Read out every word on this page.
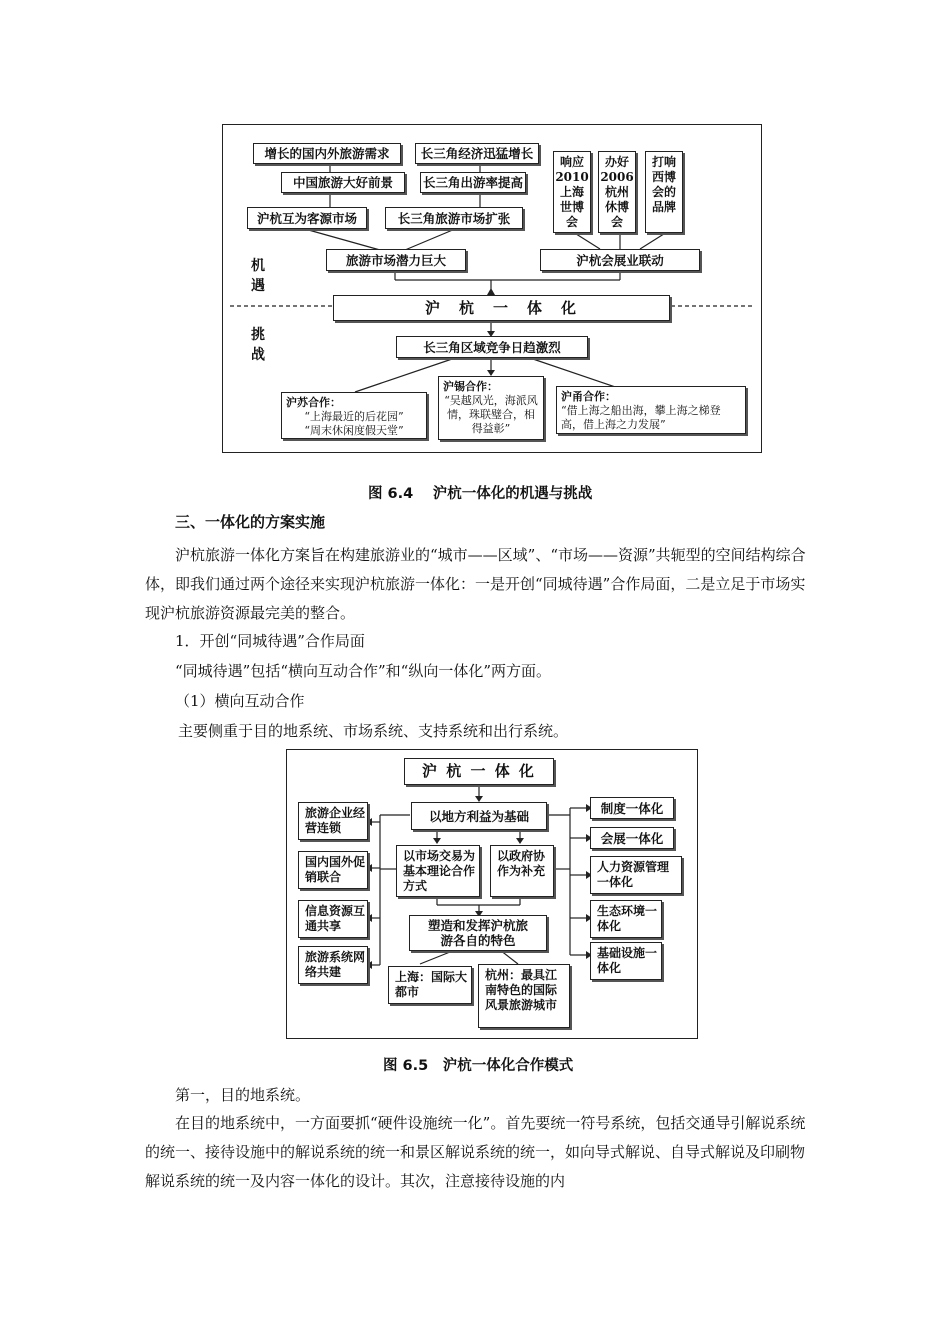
增长的国内外旅游需求	长三角经济迅猛增长
中国旅游大好前景	长三角出游率提高
沪杭互为客源市场	长三角旅游市场扩张
响应2010上海世博会
办好2006杭州休博会
打响西博会的品牌
旅游市场潜力巨大	沪杭会展业联动
机遇
挑战
沪　杭　一　体　化
长三角区域竞争日趋激烈
沪苏合作：
“上海最近的后花园”
“周末休闲度假天堂”
沪锡合作：
“吴越风光，海派风情，珠联璧合，相得益彰”
沪甬合作：
“借上海之船出海，攀上海之梯登高，借上海之力发展”
图 6.4　 沪杭一体化的机遇与挑战
三、一体化的方案实施
沪杭旅游一体化方案旨在构建旅游业的“城市——区域”、“市场——资源”共轭型的空间结构综合体，即我们通过两个途径来实现沪杭旅游一体化：一是开创“同城待遇”合作局面，二是立足于市场实现沪杭旅游资源最完美的整合。
1．开创“同城待遇”合作局面
“同城待遇”包括“横向互动合作”和“纵向一体化”两方面。
（1）横向互动合作
主要侧重于目的地系统、市场系统、支持系统和出行系统。
沪 杭 一 体 化
以地方利益为基础
旅游企业经营连锁
国内国外促销联合
信息资源互通共享
旅游系统网络共建
以市场交易为基本理论合作方式
以政府协作为补充
塑造和发挥沪杭旅游各自的特色
上海：国际大都市
杭州：最具江南特色的国际风景旅游城市
制度一体化
会展一体化
人力资源管理一体化
生态环境一体化
基础设施一体化
图 6.5　沪杭一体化合作模式
第一，目的地系统。
在目的地系统中，一方面要抓“硬件设施统一化”。首先要统一符号系统，包括交通导引解说系统的统一、接待设施中的解说系统的统一和景区解说系统的统一，如向导式解说、自导式解说及印刷物解说系统的统一及内容一体化的设计。其次，注意接待设施的内
